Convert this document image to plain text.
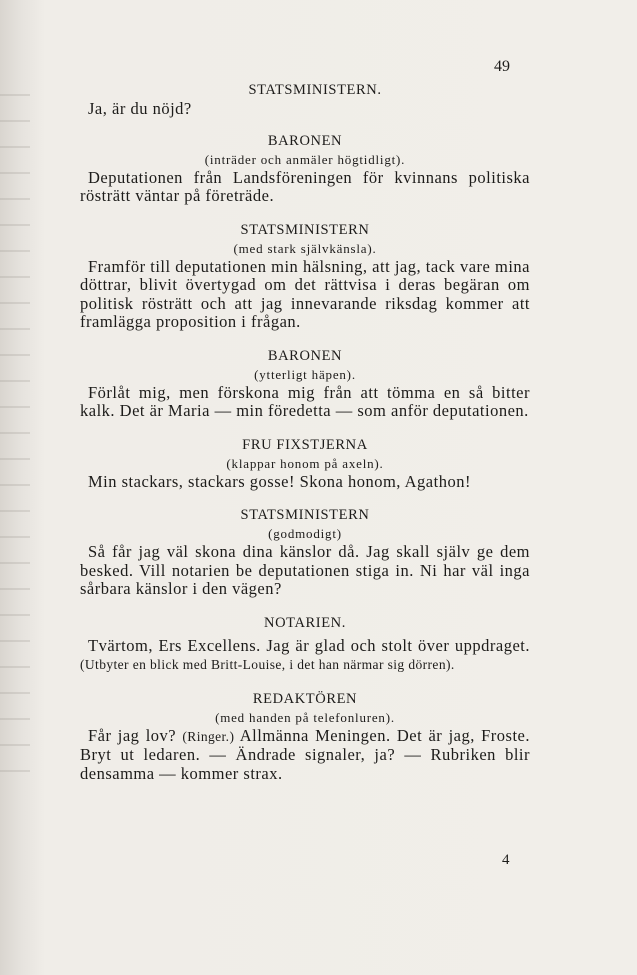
49

STATSMINISTERN.

Ja, är du nöjd?

BARONEN

(inträder och anmäler högtidligt).

Deputationen från Landsföreningen för kvinnans politiska rösträtt väntar på företräde.

STATSMINISTERN

(med stark självkänsla).

Framför till deputationen min hälsning, att jag, tack vare mina döttrar, blivit övertygad om det rättvisa i deras begäran om politisk rösträtt och att jag innevarande riksdag kommer att framlägga proposition i frågan.

BARONEN

(ytterligt häpen).

Förlåt mig, men förskona mig från att tömma en så bitter kalk. Det är Maria — min föredetta — som anför deputationen.

FRU FIXSTJERNA

(klappar honom på axeln).

Min stackars, stackars gosse! Skona honom, Agathon!

STATSMINISTERN

(godmodigt)

Så får jag väl skona dina känslor då. Jag skall själv ge dem besked. Vill notarien be deputationen stiga in. Ni har väl inga sårbara känslor i den vägen?

NOTARIEN.

Tvärtom, Ers Excellens. Jag är glad och stolt över uppdraget. (Utbyter en blick med Britt-Louise, i det han närmar sig dörren).

REDAKTÖREN

(med handen på telefonluren).

Får jag lov? (Ringer.) Allmänna Meningen. Det är jag, Froste. Bryt ut ledaren. — Ändrade signaler, ja? — Rubriken blir densamma — kommer strax.

4
